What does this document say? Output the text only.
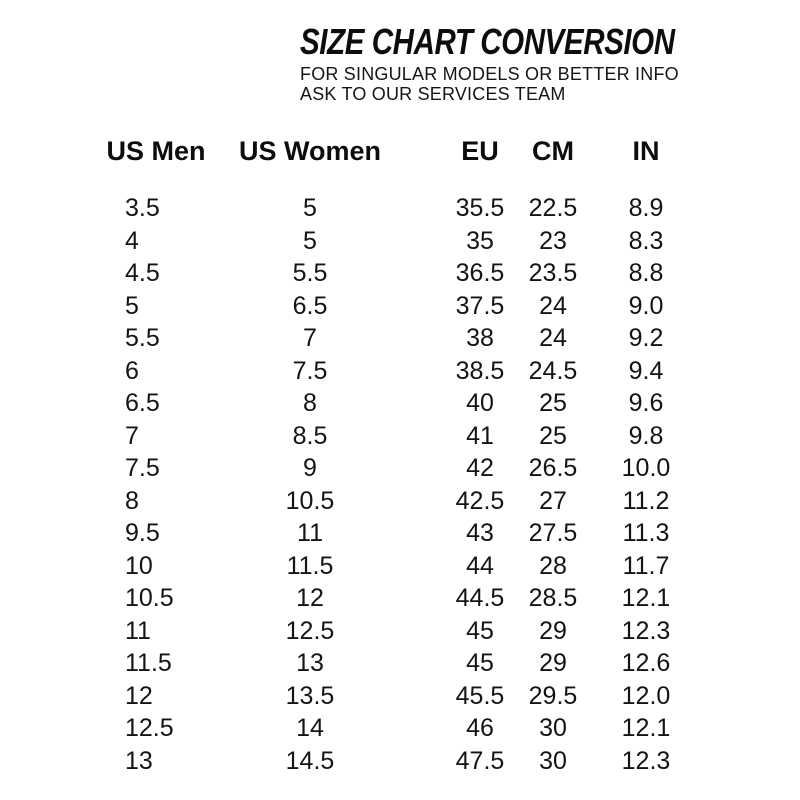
SIZE CHART CONVERSION

FOR SINGULAR MODELS OR BETTER INFO
ASK TO OUR SERVICES TEAM

US Men
3.5
4
4.5
5
5.5
6
6.5
7
7.5
8
9.5
10
10.5
11
11.5
12
12.5
13
US Women
5
5
5.5
6.5
7
7.5
8
8.5
9
10.5
11
11.5
12
12.5
13
13.5
14
14.5
EU
35.5
35
36.5
37.5
38
38.5
40
41
42
42.5
43
44
44.5
45
45
45.5
46
47.5
CM
22.5
23
23.5
24
24
24.5
25
25
26.5
27
27.5
28
28.5
29
29
29.5
30
30
IN
8.9
8.3
8.8
9.0
9.2
9.4
9.6
9.8
10.0
11.2
11.3
11.7
12.1
12.3
12.6
12.0
12.1
12.3
